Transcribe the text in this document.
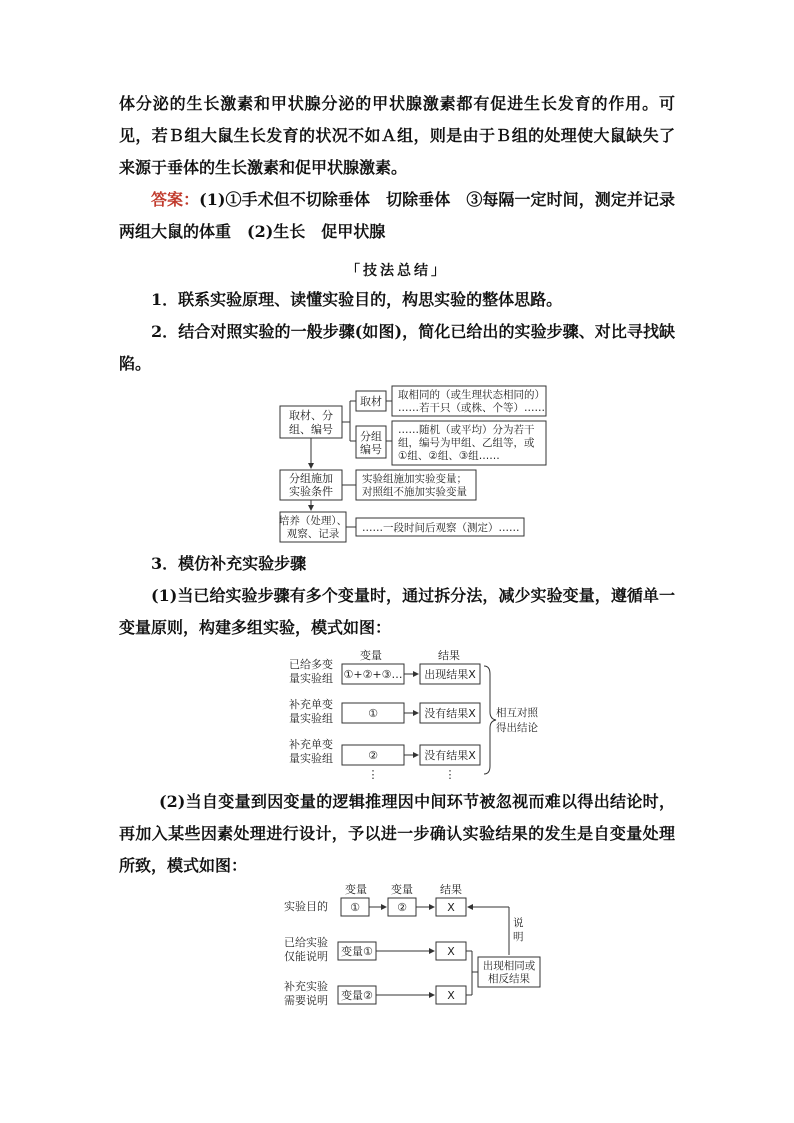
体分泌的生长激素和甲状腺分泌的甲状腺激素都有促进生长发育的作用。可见，若Ｂ组大鼠生长发育的状况不如Ａ组，则是由于Ｂ组的处理使大鼠缺失了来源于垂体的生长激素和促甲状腺激素。
答案：(1)①手术但不切除垂体　切除垂体　③每隔一定时间，测定并记录两组大鼠的体重　(2)生长　促甲状腺
「技法总结」
1．联系实验原理、读懂实验目的，构思实验的整体思路。
2．结合对照实验的一般步骤(如图)，简化已给出的实验步骤、对比寻找缺陷。
3．模仿补充实验步骤
(1)当已给实验步骤有多个变量时，通过拆分法，减少实验变量，遵循单一变量原则，构建多组实验，模式如图：
(2)当自变量到因变量的逻辑推理因中间环节被忽视而难以得出结论时，再加入某些因素处理进行设计，予以进一步确认实验结果的发生是自变量处理所致，模式如图：
取材、分
组、编号
取材 取相同的（或生理状态相同的）
……若干只（或株、个等）……
分组
编号
……随机（或平均）分为若干
组，编号为甲组、乙组等，或
①组、②组、③组……
分组施加
实验条件
实验组施加实验变量；
对照组不施加实验变量
培养（处理）、
观察、记录 ……一段时间后观察（测定）……
变量	结果
已给多变
量实验组 ①+②+③… 出现结果X
补充单变
量实验组	①	没有结果X
补充单变
量实验组	②	没有结果X
⋮	⋮
相互对照
得出结论
变量 变量 结果
实验目的 ①	②	X
说
明
已给实验
仅能说明 变量①	X
补充实验
需要说明 变量②	X
出现相同或
相反结果
